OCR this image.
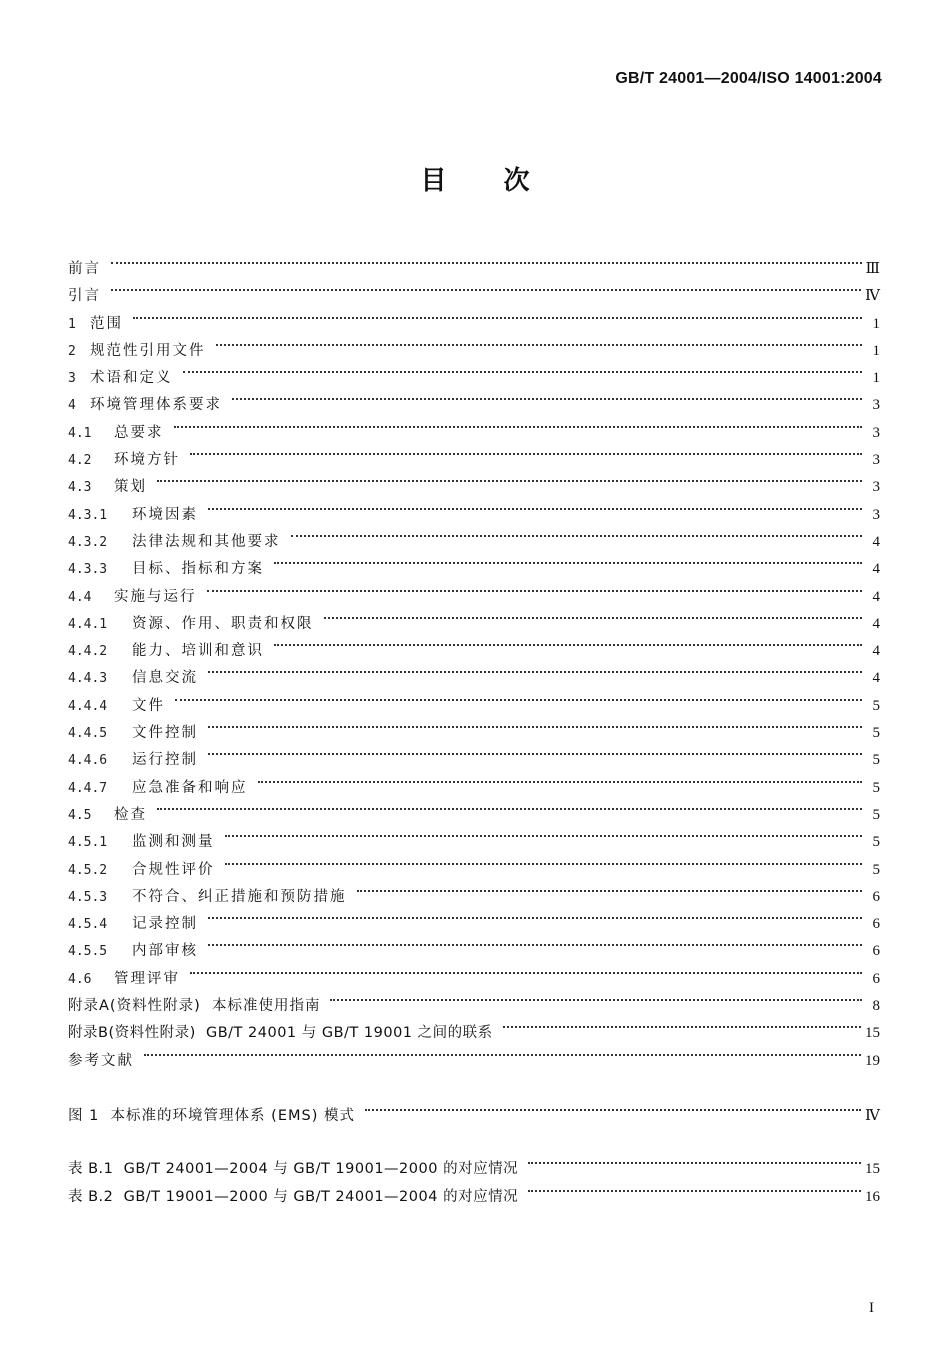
GB/T 24001—2004/ISO 14001:2004
目 次
前言	Ⅲ
引言	Ⅳ
1 范围	1
2 规范性引用文件	1
3 术语和定义	1
4 环境管理体系要求	3
4.1	总要求	3
4.2	环境方针	3
4.3	策划	3
4.3.1	环境因素	3
4.3.2	法律法规和其他要求	4
4.3.3	目标、指标和方案	4
4.4	实施与运行	4
4.4.1	资源、作用、职责和权限	4
4.4.2	能力、培训和意识	4
4.4.3	信息交流	4
4.4.4	文件	5
4.4.5	文件控制	5
4.4.6	运行控制	5
4.4.7	应急准备和响应	5
4.5	检查	5
4.5.1	监测和测量	5
4.5.2	合规性评价	5
4.5.3	不符合、纠正措施和预防措施	6
4.5.4	记录控制	6
4.5.5	内部审核	6
4.6	管理评审	6
附录A(资料性附录)  本标准使用指南	8
附录B(资料性附录)  GB/T 24001 与 GB/T 19001 之间的联系	15
参考文献	19
图 1  本标准的环境管理体系 (EMS) 模式	Ⅳ
表 B.1  GB/T 24001—2004 与 GB/T 19001—2000 的对应情况	15
表 B.2  GB/T 19001—2000 与 GB/T 24001—2004 的对应情况	16
I
